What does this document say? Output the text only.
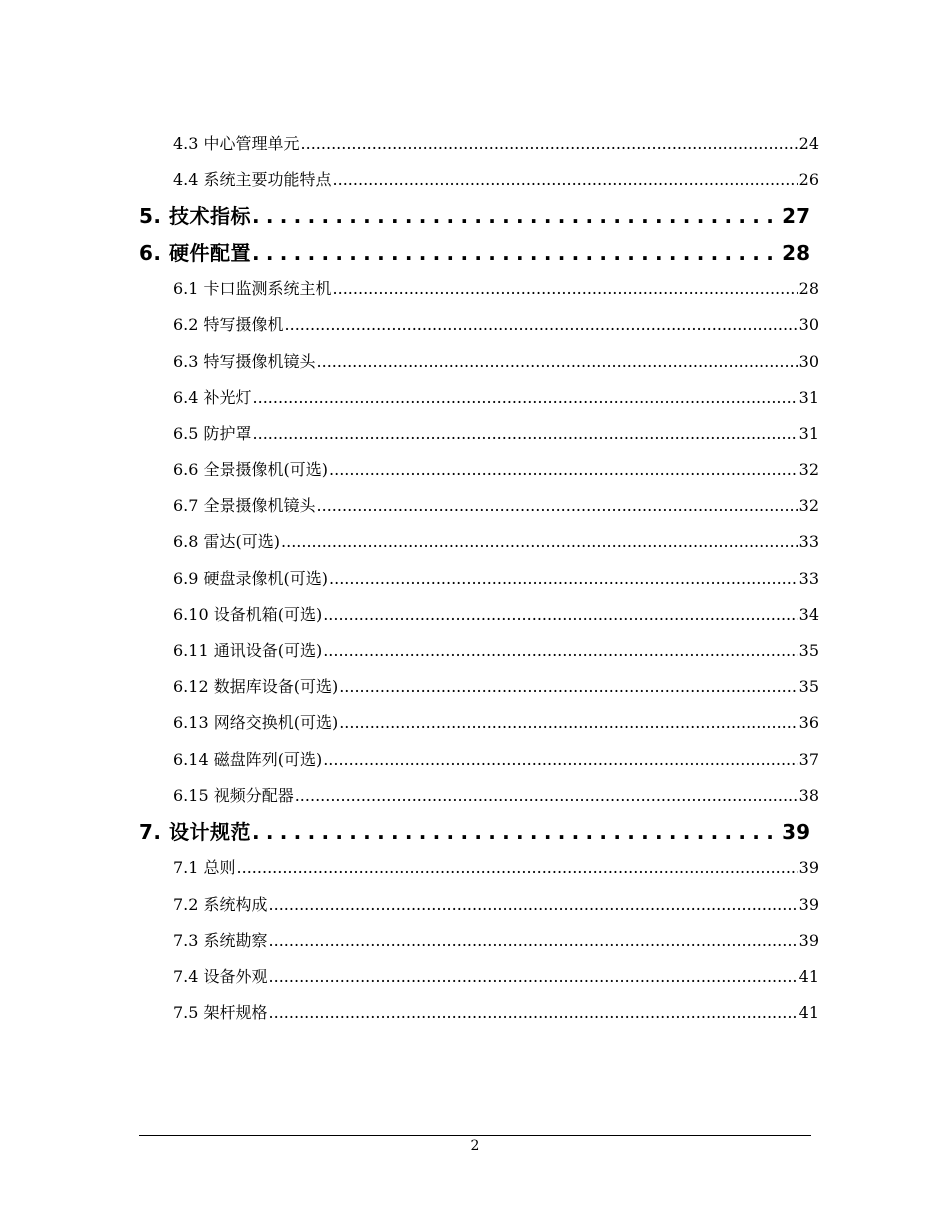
4.3 中心管理单元 .....	24
4.4 系统主要功能特点 .....	26
5. 技术指标 .....	27
6. 硬件配置 .....	28
6.1 卡口监测系统主机 .....	28
6.2 特写摄像机 .....	30
6.3 特写摄像机镜头 .....	30
6.4 补光灯 .....	31
6.5 防护罩 .....	31
6.6 全景摄像机(可选) .....	32
6.7 全景摄像机镜头 .....	32
6.8 雷达(可选) .....	33
6.9 硬盘录像机(可选) .....	33
6.10 设备机箱(可选) .....	34
6.11 通讯设备(可选) .....	35
6.12 数据库设备(可选) .....	35
6.13 网络交换机(可选) .....	36
6.14 磁盘阵列(可选) .....	37
6.15 视频分配器 .....	38
7. 设计规范 .....	39
7.1 总则 .....	39
7.2 系统构成 .....	39
7.3 系统勘察 .....	39
7.4 设备外观 .....	41
7.5 架杆规格 .....	41
2
